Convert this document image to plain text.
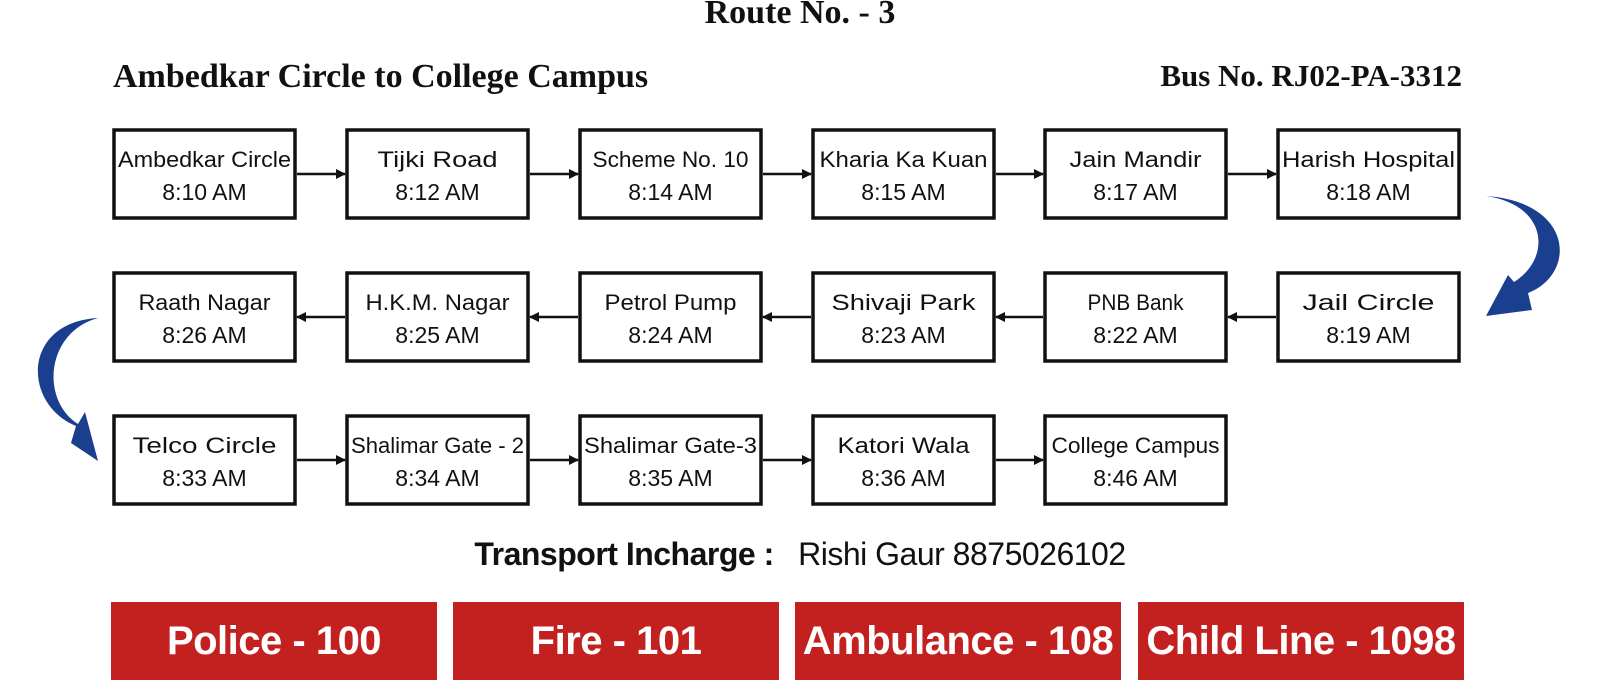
Route No. - 3
Ambedkar Circle to College Campus	Bus No. RJ02-PA-3312
Ambedkar Circle
8:10 AM
Tijki Road
8:12 AM
Scheme No. 10
8:14 AM
Kharia Ka Kuan
8:15 AM
Jain Mandir
8:17 AM
Harish Hospital
8:18 AM
Jail Circle
8:19 AM
PNB Bank
8:22 AM
Shivaji Park
8:23 AM
Petrol Pump
8:24 AM
H.K.M. Nagar
8:25 AM
Raath Nagar
8:26 AM
Telco Circle
8:33 AM
Shalimar Gate - 2
8:34 AM
Shalimar Gate-3
8:35 AM
Katori Wala
8:36 AM
College Campus
8:46 AM

Transport Incharge : Rishi Gaur 8875026102

Police - 100	Fire - 101	Ambulance - 108 Child Line - 1098
